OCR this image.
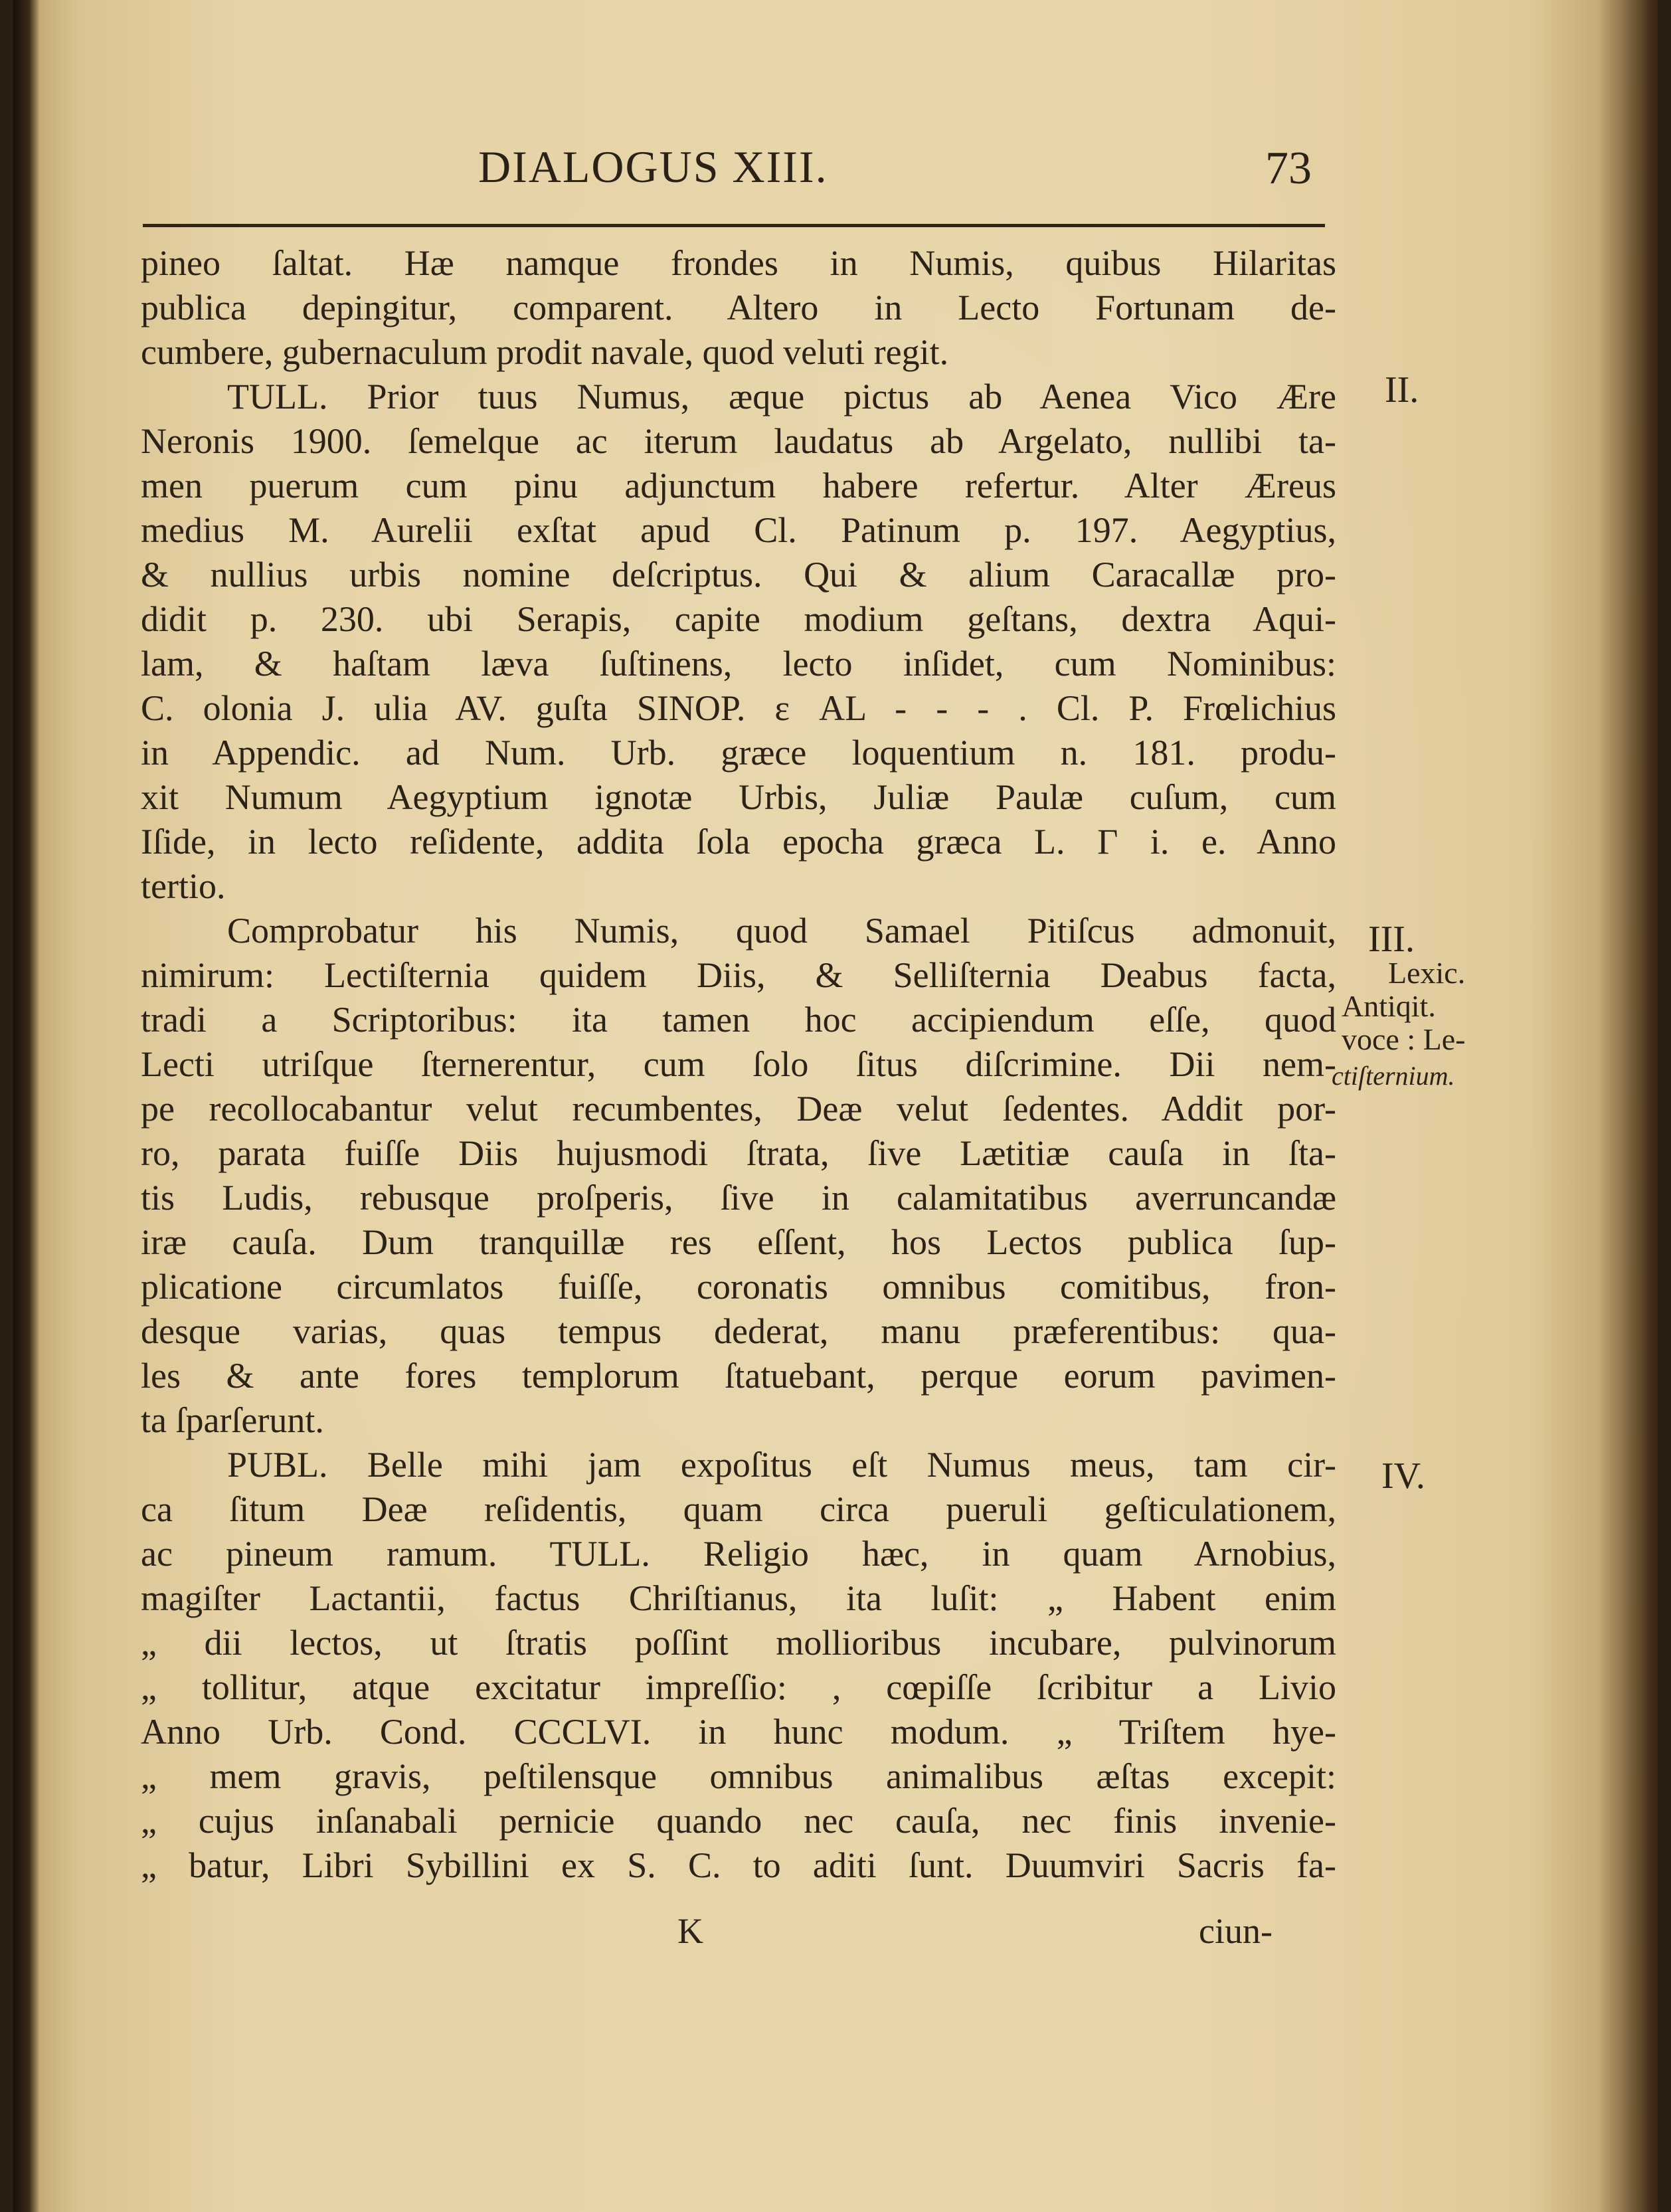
DIALOGUS XIII.	73
pineo ſaltat. Hæ namque frondes in Numis, quibus Hilaritas
publica depingitur, comparent. Altero in Lecto Fortunam de-
cumbere, gubernaculum prodit navale, quod veluti regit.
TULL. Prior tuus Numus, æque pictus ab Aenea Vico Ære
Neronis 1900. ſemelque ac iterum laudatus ab Argelato, nullibi ta-
men puerum cum pinu adjunctum habere refertur. Alter Æreus
medius M. Aurelii exſtat apud Cl. Patinum p. 197. Aegyptius,
& nullius urbis nomine deſcriptus. Qui & alium Caracallæ pro-
didit p. 230. ubi Serapis, capite modium geſtans, dextra Aqui-
lam, & haſtam læva ſuſtinens, lecto inſidet, cum Nominibus:
C. olonia J. ulia AV. guſta SINOP. ε AL - - - . Cl. P. Frœlichius
in Appendic. ad Num. Urb. græce loquentium n. 181. produ-
xit Numum Aegyptium ignotæ Urbis, Juliæ Paulæ cuſum, cum
Iſide, in lecto reſidente, addita ſola epocha græca L. Γ i. e. Anno
tertio.
Comprobatur his Numis, quod Samael Pitiſcus admonuit,
nimirum: Lectiſternia quidem Diis, & Selliſternia Deabus facta,
tradi a Scriptoribus: ita tamen hoc accipiendum eſſe, quod
Lecti utriſque ſternerentur, cum ſolo ſitus diſcrimine. Dii nem-
pe recollocabantur velut recumbentes, Deæ velut ſedentes. Addit por-
ro, parata fuiſſe Diis hujusmodi ſtrata, ſive Lætitiæ cauſa in ſta-
tis Ludis, rebusque proſperis, ſive in calamitatibus averruncandæ
iræ cauſa. Dum tranquillæ res eſſent, hos Lectos publica ſup-
plicatione circumlatos fuiſſe, coronatis omnibus comitibus, fron-
desque varias, quas tempus dederat, manu præferentibus: qua-
les & ante fores templorum ſtatuebant, perque eorum pavimen-
ta ſparſerunt.
PUBL. Belle mihi jam expoſitus eſt Numus meus, tam cir-
ca ſitum Deæ reſidentis, quam circa pueruli geſticulationem,
ac pineum ramum. TULL. Religio hæc, in quam Arnobius,
magiſter Lactantii, factus Chriſtianus, ita luſit: „ Habent enim
„ dii lectos, ut ſtratis poſſint mollioribus incubare, pulvinorum
„ tollitur, atque excitatur impreſſio: , cœpiſſe ſcribitur a Livio
Anno Urb. Cond. CCCLVI. in hunc modum. „ Triſtem hye-
„ mem gravis, peſtilensque omnibus animalibus æſtas excepit:
„ cujus inſanabali pernicie quando nec cauſa, nec finis invenie-
„ batur, Libri Sybillini ex S. C. to aditi ſunt. Duumviri Sacris fa-
II.
III.
Lexic.
Antiqit.
voce : Le-
ctiſternium.
IV.
K	ciun-
